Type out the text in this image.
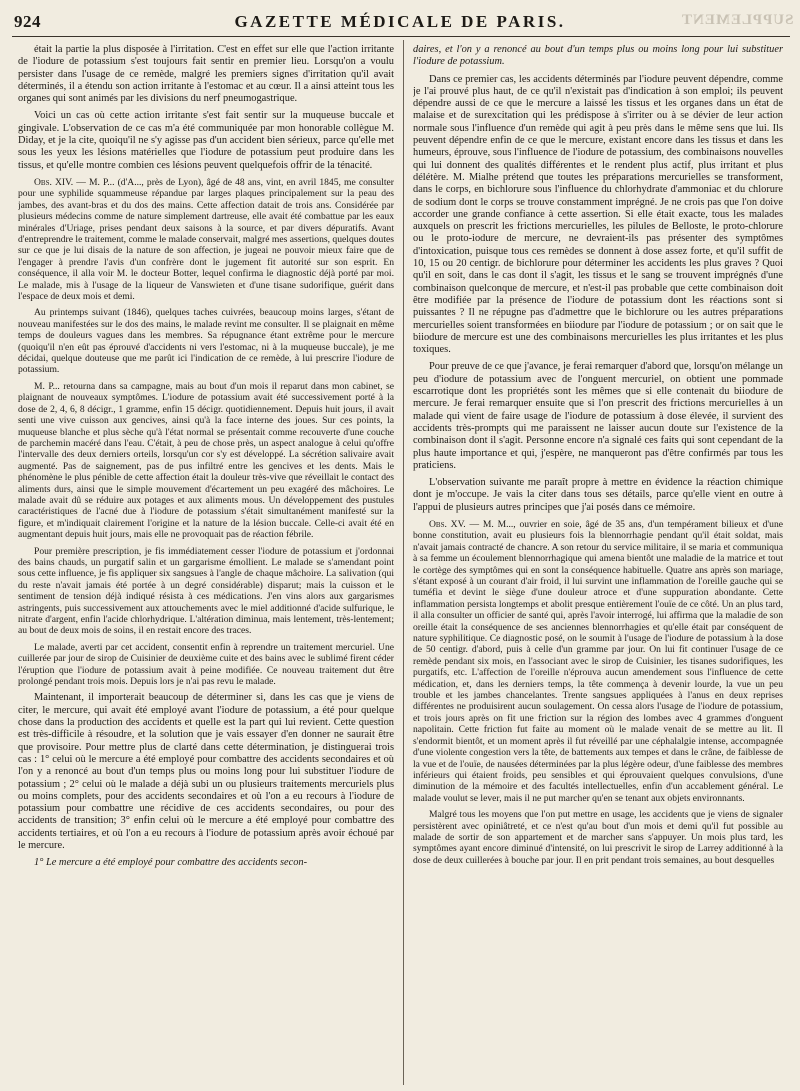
924	GAZETTE MÉDICALE DE PARIS.	SUPPLEMENT

était la partie la plus disposée à l'irritation. C'est en effet sur elle que l'action irritante de l'iodure de potassium s'est toujours fait sentir en premier lieu. Lorsqu'on a voulu persister dans l'usage de ce remède, malgré les premiers signes d'irritation qu'il avait déterminés, il a étendu son action irritante à l'estomac et au cœur. Il a ainsi atteint tous les organes qui sont animés par les divisions du nerf pneumogastrique.

Voici un cas où cette action irritante s'est fait sentir sur la muqueuse buccale et gingivale. L'observation de ce cas m'a été communiquée par mon honorable collègue M. Diday, et je la cite, quoiqu'il ne s'y agisse pas d'un accident bien sérieux, parce qu'elle met sous les yeux les lésions matérielles que l'iodure de potassium peut produire dans les tissus, et qu'elle montre combien ces lésions peuvent quelquefois offrir de la ténacité.

Obs. XIV. — M. P... (d'A..., près de Lyon), âgé de 48 ans, vint, en avril 1845, me consulter pour une syphilide squammeuse répandue par larges plaques principalement sur la peau des jambes, des avant-bras et du dos des mains. Cette affection datait de trois ans. Considérée par plusieurs médecins comme de nature simplement dartreuse, elle avait été combattue par les eaux minérales d'Uriage, prises pendant deux saisons à la source, et par divers dépuratifs. Avant d'entreprendre le traitement, comme le malade conservait, malgré mes assertions, quelques doutes sur ce que je lui disais de la nature de son affection, je jugeai ne pouvoir mieux faire que de l'engager à prendre l'avis d'un confrère dont le jugement fit autorité sur son esprit. En conséquence, il alla voir M. le docteur Botter, lequel confirma le diagnostic déjà porté par moi. Le malade, mis à l'usage de la liqueur de Vanswieten et d'une tisane sudorifique, guérit dans l'espace de deux mois et demi.

Au printemps suivant (1846), quelques taches cuivrées, beaucoup moins larges, s'étant de nouveau manifestées sur le dos des mains, le malade revint me consulter. Il se plaignait en même temps de douleurs vagues dans les membres. Sa répugnance étant extrême pour le mercure (quoiqu'il n'en eût pas éprouvé d'accidents ni vers l'estomac, ni à la muqueuse buccale), je me décidai, quelque douteuse que me parût ici l'indication de ce remède, à lui prescrire l'iodure de potassium.

M. P... retourna dans sa campagne, mais au bout d'un mois il reparut dans mon cabinet, se plaignant de nouveaux symptômes. L'iodure de potassium avait été successivement porté à la dose de 2, 4, 6, 8 décigr., 1 gramme, enfin 15 décigr. quotidiennement. Depuis huit jours, il avait senti une vive cuisson aux gencives, ainsi qu'à la face interne des joues. Sur ces points, la muqueuse blanche et plus sèche qu'à l'état normal se présentait comme recouverte d'une couche de parchemin macéré dans l'eau. C'était, à peu de chose près, un aspect analogue à celui qu'offre l'intervalle des deux derniers orteils, lorsqu'un cor s'y est développé. La sécrétion salivaire avait augmenté. Pas de saignement, pas de pus infiltré entre les gencives et les dents. Mais le phénomène le plus pénible de cette affection était la douleur très-vive que réveillait le contact des aliments durs, ainsi que le simple mouvement d'écartement un peu exagéré des mâchoires. Le malade avait dû se réduire aux potages et aux aliments mous. Un développement des pustules caractéristiques de l'acné due à l'iodure de potassium s'était simultanément manifesté sur la figure, et m'indiquait clairement l'origine et la nature de la lésion buccale. Celle-ci avait été en augmentant depuis huit jours, mais elle ne provoquait pas de réaction fébrile.

Pour première prescription, je fis immédiatement cesser l'iodure de potassium et j'ordonnai des bains chauds, un purgatif salin et un gargarisme émollient. Le malade se s'amendant point sous cette influence, je fis appliquer six sangsues à l'angle de chaque mâchoire. La salivation (qui du reste n'avait jamais été portée à un degré considérable) disparut; mais la cuisson et le sentiment de tension déjà indiqué résista à ces médications. J'en vins alors aux gargarismes astringents, puis successivement aux attouchements avec le miel additionné d'acide sulfurique, le nitrate d'argent, enfin l'acide chlorhydrique. L'altération diminua, mais lentement, très-lentement; au bout de deux mois de soins, il en restait encore des traces.

Le malade, averti par cet accident, consentit enfin à reprendre un traitement mercuriel. Une cuillerée par jour de sirop de Cuisinier de deuxième cuite et des bains avec le sublimé firent céder l'éruption que l'iodure de potassium avait à peine modifiée. Ce nouveau traitement dut être prolongé pendant trois mois. Depuis lors je n'ai pas revu le malade.

Maintenant, il importerait beaucoup de déterminer si, dans les cas que je viens de citer, le mercure, qui avait été employé avant l'iodure de potassium, a été pour quelque chose dans la production des accidents et quelle est la part qui lui revient. Cette question est très-difficile à résoudre, et la solution que je vais essayer d'en donner ne saurait être que provisoire. Pour mettre plus de clarté dans cette détermination, je distinguerai trois cas : 1° celui où le mercure a été employé pour combattre des accidents secondaires et où l'on y a renoncé au bout d'un temps plus ou moins long pour lui substituer l'iodure de potassium ; 2° celui où le malade a déjà subi un ou plusieurs traitements mercuriels plus ou moins complets, pour des accidents secondaires et où l'on a eu recours à l'iodure de potassium pour combattre une récidive de ces accidents secondaires, ou pour des accidents de transition; 3° enfin celui où le mercure a été employé pour combattre des accidents tertiaires, et où l'on a eu recours à l'iodure de potassium après avoir échoué par le mercure.

1° Le mercure a été employé pour combattre des accidents secon-

daires, et l'on y a renoncé au bout d'un temps plus ou moins long pour lui substituer l'iodure de potassium.

Dans ce premier cas, les accidents déterminés par l'iodure peuvent dépendre, comme je l'ai prouvé plus haut, de ce qu'il n'existait pas d'indication à son emploi; ils peuvent dépendre aussi de ce que le mercure a laissé les tissus et les organes dans un état de malaise et de surexcitation qui les prédispose à s'irriter ou à se dévier de leur action normale sous l'influence d'un remède qui agit à peu près dans le même sens que lui. Ils peuvent dépendre enfin de ce que le mercure, existant encore dans les tissus et dans les humeurs, éprouve, sous l'influence de l'iodure de potassium, des combinaisons nouvelles qui lui donnent des qualités différentes et le rendent plus actif, plus irritant et plus délétère. M. Mialhe prétend que toutes les préparations mercurielles se transforment, dans le corps, en bichlorure sous l'influence du chlorhydrate d'ammoniac et du chlorure de sodium dont le corps se trouve constamment imprégné. Je ne crois pas que l'on doive accorder une grande confiance à cette assertion. Si elle était exacte, tous les malades auxquels on prescrit les frictions mercurielles, les pilules de Belloste, le proto-chlorure ou le proto-iodure de mercure, ne devraient-ils pas présenter des symptômes d'intoxication, puisque tous ces remèdes se donnent à dose assez forte, et qu'il suffit de 10, 15 ou 20 centigr. de bichlorure pour déterminer les accidents les plus graves ? Quoi qu'il en soit, dans le cas dont il s'agit, les tissus et le sang se trouvent imprégnés d'une combinaison quelconque de mercure, et n'est-il pas probable que cette combinaison doit être modifiée par la présence de l'iodure de potassium dont les réactions sont si puissantes ? Il ne répugne pas d'admettre que le bichlorure ou les autres préparations mercurielles soient transformées en biiodure par l'iodure de potassium ; or on sait que le biiodure de mercure est une des combinaisons mercurielles les plus irritantes et les plus toxiques.

Pour preuve de ce que j'avance, je ferai remarquer d'abord que, lorsqu'on mélange un peu d'iodure de potassium avec de l'onguent mercuriel, on obtient une pommade escarrotique dont les propriétés sont les mêmes que si elle contenait du biiodure de mercure. Je ferai remarquer ensuite que si l'on prescrit des frictions mercurielles à un malade qui vient de faire usage de l'iodure de potassium à dose élevée, il survient des accidents très-prompts qui me paraissent ne laisser aucun doute sur l'existence de la combinaison dont il s'agit. Personne encore n'a signalé ces faits qui sont cependant de la plus haute importance et qui, j'espère, ne manqueront pas d'être confirmés par tous les praticiens.

L'observation suivante me paraît propre à mettre en évidence la réaction chimique dont je m'occupe. Je vais la citer dans tous ses détails, parce qu'elle vient en outre à l'appui de plusieurs autres principes que j'ai posés dans ce mémoire.

Obs. XV. — M. M..., ouvrier en soie, âgé de 35 ans, d'un tempérament bilieux et d'une bonne constitution, avait eu plusieurs fois la blennorrhagie pendant qu'il était soldat, mais n'avait jamais contracté de chancre. A son retour du service militaire, il se maria et communiqua à sa femme un écoulement blennorrhagique qui amena bientôt une maladie de la matrice et tout le cortège des symptômes qui en sont la conséquence habituelle. Quatre ans après son mariage, s'étant exposé à un courant d'air froid, il lui survint une inflammation de l'oreille gauche qui se tuméfia et devint le siège d'une douleur atroce et d'une suppuration abondante. Cette inflammation persista longtemps et abolit presque entièrement l'ouïe de ce côté. Un an plus tard, il alla consulter un officier de santé qui, après l'avoir interrogé, lui affirma que la maladie de son oreille était la conséquence de ses anciennes blennorrhagies et qu'elle était par conséquent de nature syphilitique. Ce diagnostic posé, on le soumit à l'usage de l'iodure de potassium à la dose de 50 centigr. d'abord, puis à celle d'un gramme par jour. On lui fit continuer l'usage de ce remède pendant six mois, en l'associant avec le sirop de Cuisinier, les tisanes sudorifiques, les purgatifs, etc. L'affection de l'oreille n'éprouva aucun amendement sous l'influence de cette médication, et, dans les derniers temps, la tête commença à devenir lourde, la vue un peu trouble et les jambes chancelantes. Trente sangsues appliquées à l'anus en deux reprises différentes ne produisirent aucun soulagement. On cessa alors l'usage de l'iodure de potassium, et trois jours après on fit une friction sur la région des lombes avec 4 grammes d'onguent napolitain. Cette friction fut faite au moment où le malade venait de se mettre au lit. Il s'endormit bientôt, et un moment après il fut réveillé par une céphalalgie intense, accompagnée d'une violente congestion vers la tête, de battements aux tempes et dans le crâne, de faiblesse de la vue et de l'ouïe, de nausées déterminées par la plus légère odeur, d'une faiblesse des membres inférieurs qui étaient froids, peu sensibles et qui éprouvaient quelques convulsions, d'une diminution de la mémoire et des facultés intellectuelles, enfin d'un accablement général. Le malade voulut se lever, mais il ne put marcher qu'en se tenant aux objets environnants.

Malgré tous les moyens que l'on put mettre en usage, les accidents que je viens de signaler persistèrent avec opiniâtreté, et ce n'est qu'au bout d'un mois et demi qu'il fut possible au malade de sortir de son appartement et de marcher sans s'appuyer. Un mois plus tard, les symptômes ayant encore diminué d'intensité, on lui prescrivit le sirop de Larrey additionné à la dose de deux cuillerées à bouche par jour. Il en prit pendant trois semaines, au bout desquelles
